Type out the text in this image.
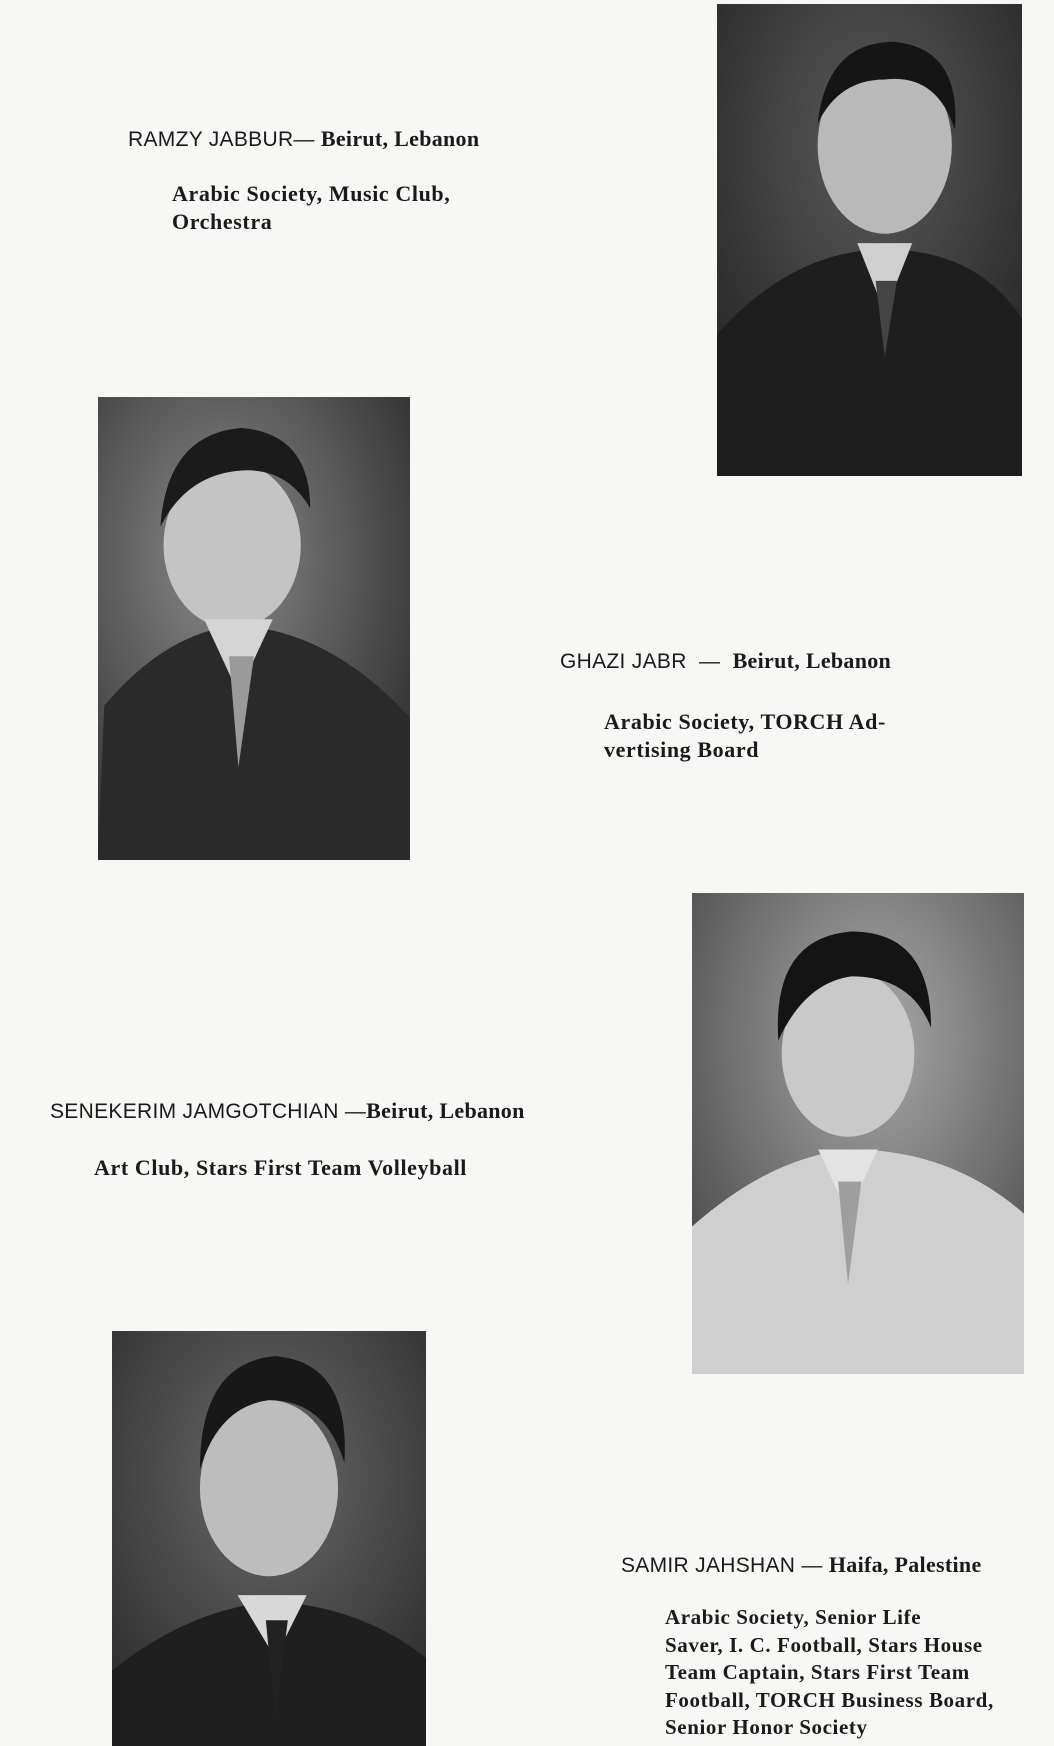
RAMZY JABBUR— Beirut, Lebanon
Arabic Society, Music Club,
Orchestra
GHAZI JABR — Beirut, Lebanon
Arabic Society, TORCH Ad-
vertising Board
SENEKERIM JAMGOTCHIAN —Beirut, Lebanon
Art Club, Stars First Team Volleyball
SAMIR JAHSHAN — Haifa, Palestine
Arabic Society, Senior Life
Saver, I. C. Football, Stars House
Team Captain, Stars First Team
Football, TORCH Business Board,
Senior Honor Society
